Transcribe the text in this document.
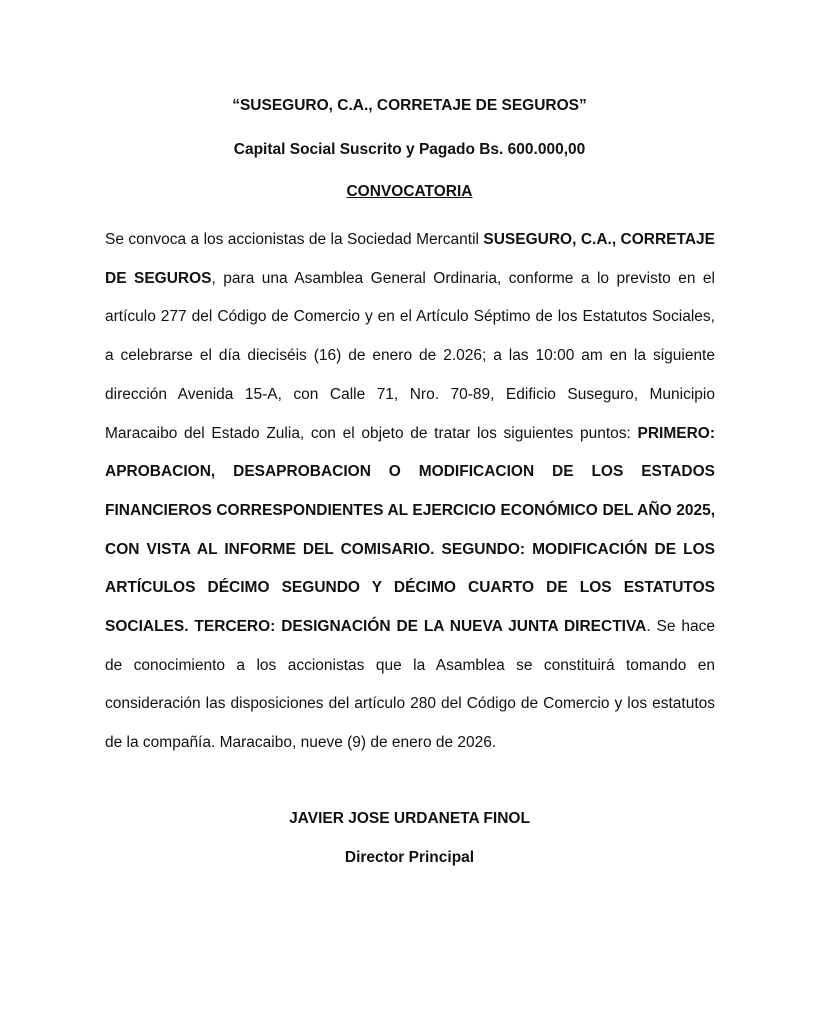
“SUSEGURO, C.A., CORRETAJE DE SEGUROS”
Capital Social Suscrito y Pagado Bs. 600.000,00
CONVOCATORIA
Se convoca a los accionistas de la Sociedad Mercantil SUSEGURO, C.A., CORRETAJE DE SEGUROS, para una Asamblea General Ordinaria, conforme a lo previsto en el artículo 277 del Código de Comercio y en el Artículo Séptimo de los Estatutos Sociales, a celebrarse el día dieciséis (16) de enero de 2.026; a las 10:00 am en la siguiente dirección Avenida 15-A, con Calle 71, Nro. 70-89, Edificio Suseguro, Municipio Maracaibo del Estado Zulia, con el objeto de tratar los siguientes puntos: PRIMERO: APROBACION, DESAPROBACION O MODIFICACION DE LOS ESTADOS FINANCIEROS CORRESPONDIENTES AL EJERCICIO ECONÓMICO DEL AÑO 2025, CON VISTA AL INFORME DEL COMISARIO. SEGUNDO: MODIFICACIÓN DE LOS ARTÍCULOS DÉCIMO SEGUNDO Y DÉCIMO CUARTO DE LOS ESTATUTOS SOCIALES. TERCERO: DESIGNACIÓN DE LA NUEVA JUNTA DIRECTIVA. Se hace de conocimiento a los accionistas que la Asamblea se constituirá tomando en consideración las disposiciones del artículo 280 del Código de Comercio y los estatutos de la compañía. Maracaibo, nueve (9) de enero de 2026.
JAVIER JOSE URDANETA FINOL
Director Principal
